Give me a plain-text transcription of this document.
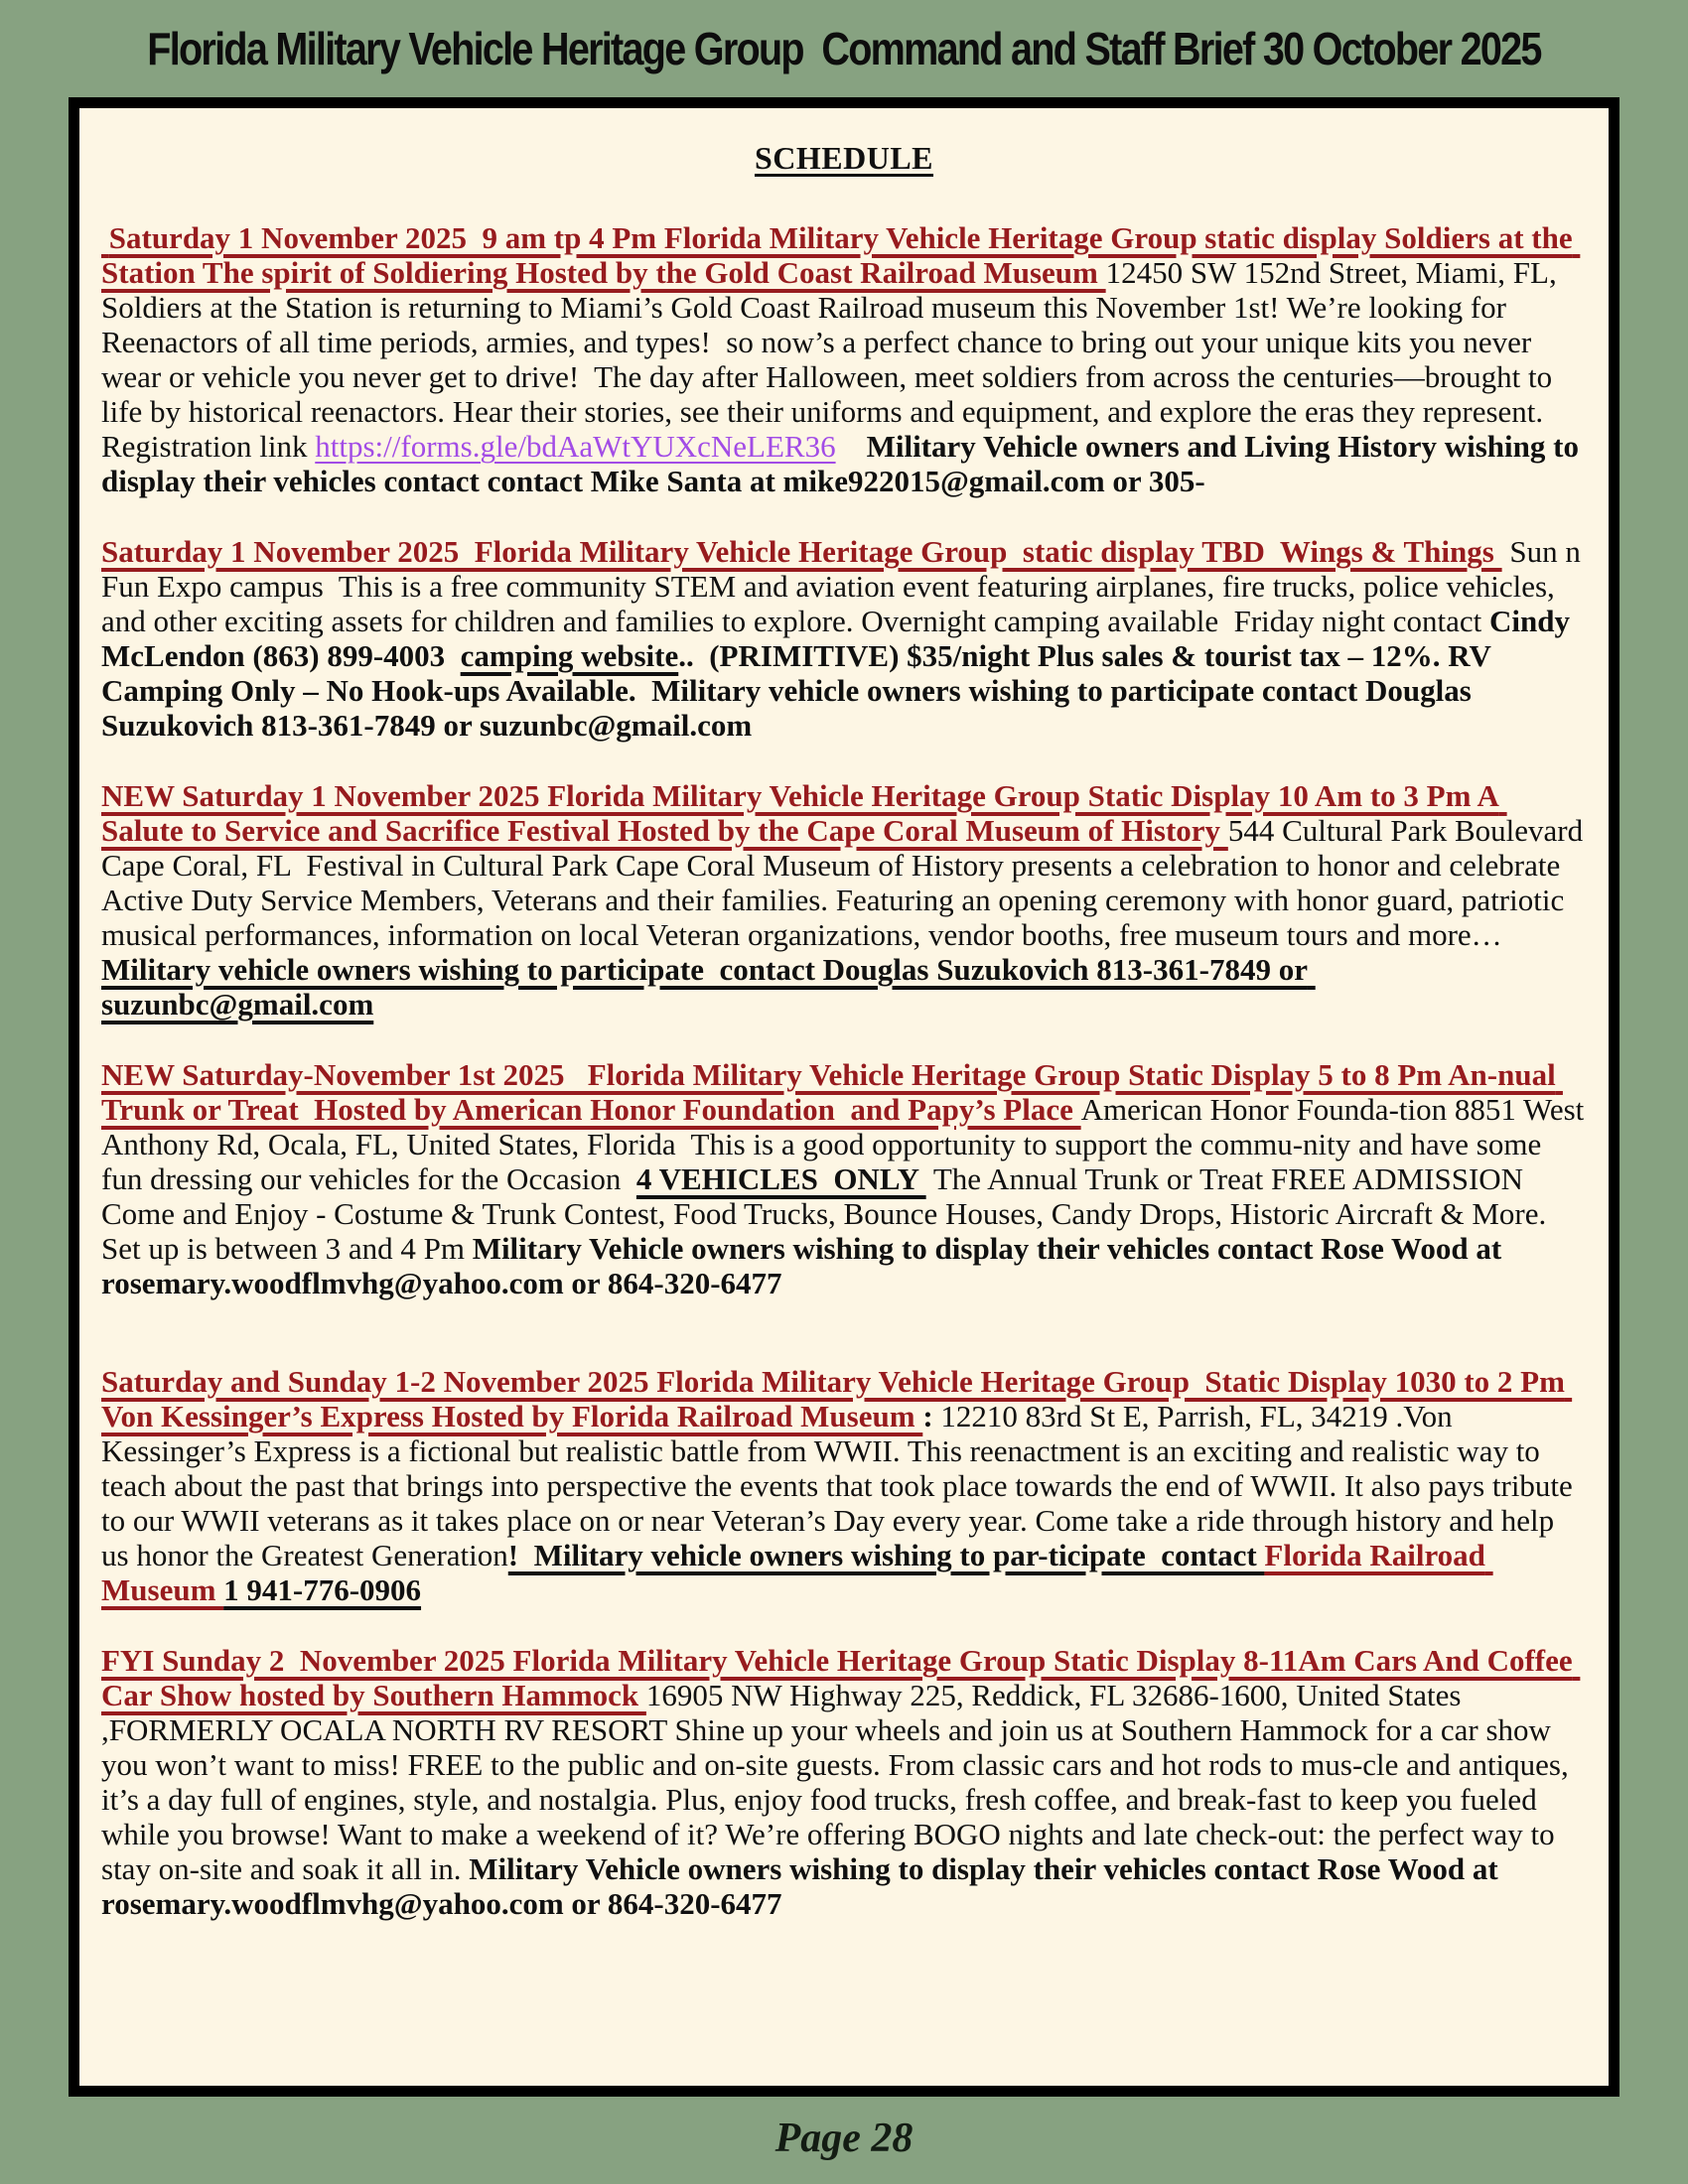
Florida Military Vehicle Heritage Group  Command and Staff Brief 30 October 2025
SCHEDULE

Saturday 1 November 2025  9 am tp 4 Pm Florida Military Vehicle Heritage Group static display Soldiers at the Station The spirit of Soldiering Hosted by the Gold Coast Railroad Museum 12450 SW 152nd Street, Miami, FL, Soldiers at the Station is returning to Miami’s Gold Coast Railroad museum this November 1st! We’re looking for Reenactors of all time periods, armies, and types!  so now’s a perfect chance to bring out your unique kits you never wear or vehicle you never get to drive!  The day after Halloween, meet soldiers from across the centuries—brought to life by historical reenactors. Hear their stories, see their uniforms and equipment, and explore the eras they represent. Registration link https://forms.gle/bdAaWtYUXcNeLER36    Military Vehicle owners and Living History wishing to display their vehicles contact contact Mike Santa at mike922015@gmail.com or 305-

Saturday 1 November 2025  Florida Military Vehicle Heritage Group  static display TBD  Wings & Things  Sun n Fun Expo campus  This is a free community STEM and aviation event featuring airplanes, fire trucks, police vehicles, and other exciting assets for children and families to explore. Overnight camping available  Friday night contact Cindy McLendon (863) 899-4003  camping website..  (PRIMITIVE) $35/night Plus sales & tourist tax – 12%. RV Camping Only – No Hook-ups Available.  Military vehicle owners wishing to participate contact Douglas Suzukovich 813-361-7849 or suzunbc@gmail.com

NEW Saturday 1 November 2025 Florida Military Vehicle Heritage Group Static Display 10 Am to 3 Pm A Salute to Service and Sacrifice Festival Hosted by the Cape Coral Museum of History 544 Cultural Park Boulevard Cape Coral, FL  Festival in Cultural Park Cape Coral Museum of History presents a celebration to honor and celebrate Active Duty Service Members, Veterans and their families. Featuring an opening ceremony with honor guard, patriotic musical performances, information on local Veteran organizations, vendor booths, free museum tours and more…Military vehicle owners wishing to participate  contact Douglas Suzukovich 813-361-7849 or suzunbc@gmail.com

NEW Saturday-November 1st 2025   Florida Military Vehicle Heritage Group Static Display 5 to 8 Pm An-nual Trunk or Treat  Hosted by American Honor Foundation  and Papy’s Place American Honor Founda-tion 8851 West Anthony Rd, Ocala, FL, United States, Florida  This is a good opportunity to support the commu-nity and have some fun dressing our vehicles for the Occasion  4 VEHICLES  ONLY  The Annual Trunk or Treat FREE ADMISSION Come and Enjoy - Costume & Trunk Contest, Food Trucks, Bounce Houses, Candy Drops, Historic Aircraft & More.  Set up is between 3 and 4 Pm Military Vehicle owners wishing to display their vehicles contact Rose Wood at rosemary.woodflmvhg@yahoo.com or 864-320-6477

Saturday and Sunday 1-2 November 2025 Florida Military Vehicle Heritage Group  Static Display 1030 to 2 Pm Von Kessinger’s Express Hosted by Florida Railroad Museum : 12210 83rd St E, Parrish, FL, 34219 .Von Kessinger’s Express is a fictional but realistic battle from WWII. This reenactment is an exciting and realistic way to teach about the past that brings into perspective the events that took place towards the end of WWII. It also pays tribute to our WWII veterans as it takes place on or near Veteran’s Day every year. Come take a ride through history and help us honor the Greatest Generation!  Military vehicle owners wishing to par-ticipate  contact Florida Railroad Museum 1 941-776-0906

FYI Sunday 2  November 2025 Florida Military Vehicle Heritage Group Static Display 8-11Am Cars And Coffee Car Show hosted by Southern Hammock 16905 NW Highway 225, Reddick, FL 32686-1600, United States ,FORMERLY OCALA NORTH RV RESORT Shine up your wheels and join us at Southern Hammock for a car show you won’t want to miss! FREE to the public and on-site guests. From classic cars and hot rods to mus-cle and antiques, it’s a day full of engines, style, and nostalgia. Plus, enjoy food trucks, fresh coffee, and break-fast to keep you fueled while you browse! Want to make a weekend of it? We’re offering BOGO nights and late check-out: the perfect way to stay on-site and soak it all in. Military Vehicle owners wishing to display their vehicles contact Rose Wood at rosemary.woodflmvhg@yahoo.com or 864-320-6477

Page 28
